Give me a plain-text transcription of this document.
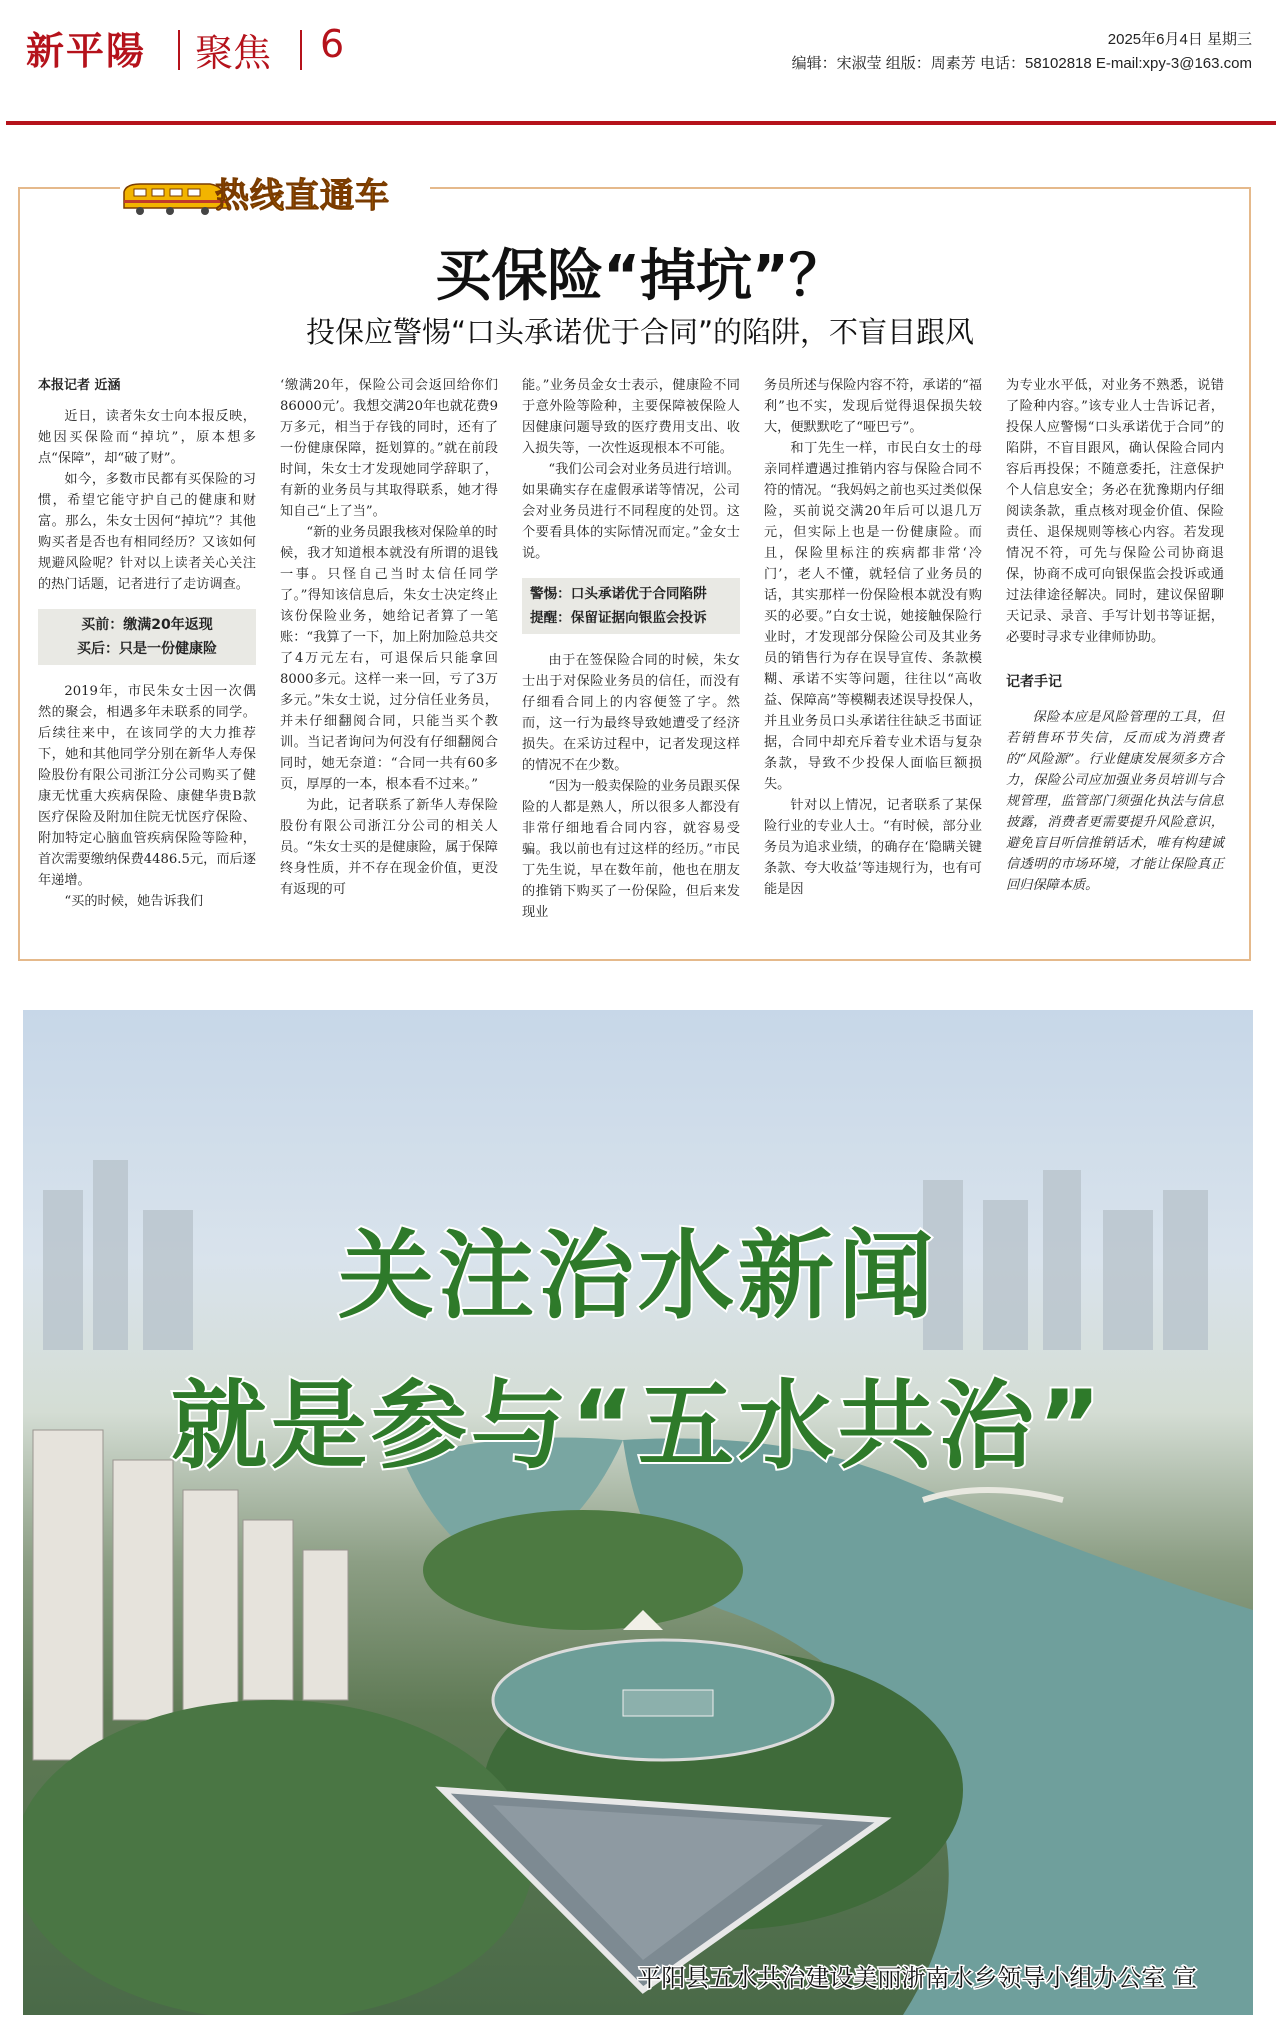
新平陽 聚焦 6	2025年6月4日 星期三
编辑：宋淑莹 组版：周素芳 电话：58102818 E-mail:xpy-3@163.com
热线直通车
买保险“掉坑”？
投保应警惕“口头承诺优于合同”的陷阱，不盲目跟风
本报记者 近涵

近日，读者朱女士向本报反映，她因买保险而“掉坑”，原本想多点“保障”，却“破了财”。

如今，多数市民都有买保险的习惯，希望它能守护自己的健康和财富。那么，朱女士因何“掉坑”？其他购买者是否也有相同经历？又该如何规避风险呢？针对以上读者关心关注的热门话题，记者进行了走访调查。

买前：缴满20年返现
买后：只是一份健康险

2019年，市民朱女士因一次偶然的聚会，相遇多年未联系的同学。后续往来中，在该同学的大力推荐下，她和其他同学分别在新华人寿保险股份有限公司浙江分公司购买了健康无忧重大疾病保险、康健华贵B款医疗保险及附加住院无忧医疗保险、附加特定心脑血管疾病保险等险种，首次需要缴纳保费4486.5元，而后逐年递增。

“买的时候，她告诉我们

‘缴满20年，保险公司会返回给你们86000元’。我想交满20年也就花费9万多元，相当于存钱的同时，还有了一份健康保障，挺划算的。”就在前段时间，朱女士才发现她同学辞职了，有新的业务员与其取得联系，她才得知自己“上了当”。

“新的业务员跟我核对保险单的时候，我才知道根本就没有所谓的退钱一事。只怪自己当时太信任同学了。”得知该信息后，朱女士决定终止该份保险业务，她给记者算了一笔账：“我算了一下，加上附加险总共交了4万元左右，可退保后只能拿回8000多元。这样一来一回，亏了3万多元。”朱女士说，过分信任业务员，并未仔细翻阅合同，只能当买个教训。当记者询问为何没有仔细翻阅合同时，她无奈道：“合同一共有60多页，厚厚的一本，根本看不过来。”

为此，记者联系了新华人寿保险股份有限公司浙江分公司的相关人员。“朱女士买的是健康险，属于保障终身性质，并不存在现金价值，更没有返现的可

能。”业务员金女士表示，健康险不同于意外险等险种，主要保障被保险人因健康问题导致的医疗费用支出、收入损失等，一次性返现根本不可能。

“我们公司会对业务员进行培训。如果确实存在虚假承诺等情况，公司会对业务员进行不同程度的处罚。这个要看具体的实际情况而定。”金女士说。

警惕：口头承诺优于合同陷阱
提醒：保留证据向银监会投诉

由于在签保险合同的时候，朱女士出于对保险业务员的信任，而没有仔细看合同上的内容便签了字。然而，这一行为最终导致她遭受了经济损失。在采访过程中，记者发现这样的情况不在少数。

“因为一般卖保险的业务员跟买保险的人都是熟人，所以很多人都没有非常仔细地看合同内容，就容易受骗。我以前也有过这样的经历。”市民丁先生说，早在数年前，他也在朋友的推销下购买了一份保险，但后来发现业

务员所述与保险内容不符，承诺的“福利”也不实，发现后觉得退保损失较大，便默默吃了“哑巴亏”。

和丁先生一样，市民白女士的母亲同样遭遇过推销内容与保险合同不符的情况。“我妈妈之前也买过类似保险，买前说交满20年后可以退几万元，但实际上也是一份健康险。而且，保险里标注的疾病都非常‘冷门’，老人不懂，就轻信了业务员的话，其实那样一份保险根本就没有购买的必要。”白女士说，她接触保险行业时，才发现部分保险公司及其业务员的销售行为存在误导宣传、条款模糊、承诺不实等问题，往往以“高收益、保障高”等模糊表述误导投保人，并且业务员口头承诺往往缺乏书面证据，合同中却充斥着专业术语与复杂条款，导致不少投保人面临巨额损失。

针对以上情况，记者联系了某保险行业的专业人士。“有时候，部分业务员为追求业绩，的确存在‘隐瞒关键条款、夸大收益’等违规行为，也有可能是因

为专业水平低，对业务不熟悉，说错了险种内容。”该专业人士告诉记者，投保人应警惕“口头承诺优于合同”的陷阱，不盲目跟风，确认保险合同内容后再投保；不随意委托，注意保护个人信息安全；务必在犹豫期内仔细阅读条款，重点核对现金价值、保险责任、退保规则等核心内容。若发现情况不符，可先与保险公司协商退保，协商不成可向银保监会投诉或通过法律途径解决。同时，建议保留聊天记录、录音、手写计划书等证据，必要时寻求专业律师协助。

记者手记

保险本应是风险管理的工具，但若销售环节失信，反而成为消费者的“风险源”。行业健康发展须多方合力，保险公司应加强业务员培训与合规管理，监管部门须强化执法与信息披露，消费者更需要提升风险意识，避免盲目听信推销话术，唯有构建诚信透明的市场环境，才能让保险真正回归保障本质。

关注治水新闻
就是参与“五水共治”
平阳县五水共治建设美丽浙南水乡领导小组办公室 宣
